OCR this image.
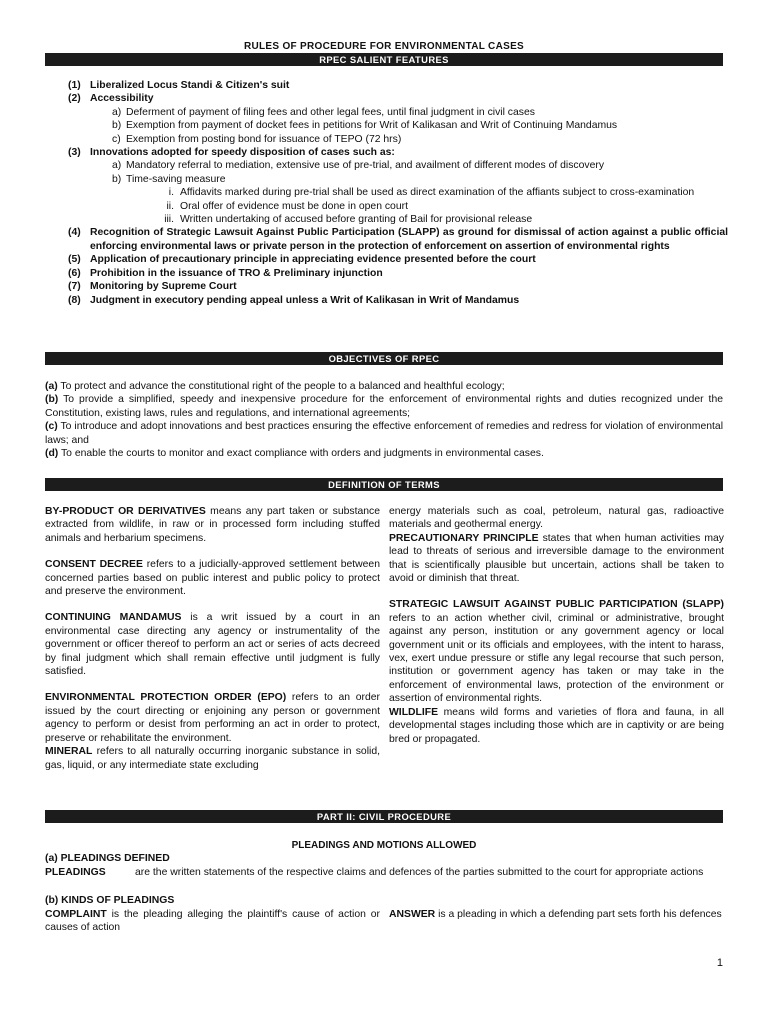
RULES OF PROCEDURE FOR ENVIRONMENTAL CASES
RPEC SALIENT FEATURES
(1) Liberalized Locus Standi & Citizen's suit
(2) Accessibility
a) Deferment of payment of filing fees and other legal fees, until final judgment in civil cases
b) Exemption from payment of docket fees in petitions for Writ of Kalikasan and Writ of Continuing Mandamus
c) Exemption from posting bond for issuance of TEPO (72 hrs)
(3) Innovations adopted for speedy disposition of cases such as:
a) Mandatory referral to mediation, extensive use of pre-trial, and availment of different modes of discovery
b) Time-saving measure
i. Affidavits marked during pre-trial shall be used as direct examination of the affiants subject to cross-examination
ii. Oral offer of evidence must be done in open court
iii. Written undertaking of accused before granting of Bail for provisional release
(4) Recognition of Strategic Lawsuit Against Public Participation (SLAPP) as ground for dismissal of action against a public official enforcing environmental laws or private person in the protection of enforcement on assertion of environmental rights
(5) Application of precautionary principle in appreciating evidence presented before the court
(6) Prohibition in the issuance of TRO & Preliminary injunction
(7) Monitoring by Supreme Court
(8) Judgment in executory pending appeal unless a Writ of Kalikasan in Writ of Mandamus
OBJECTIVES OF RPEC

(a) To protect and advance the constitutional right of the people to a balanced and healthful ecology;

(b) To provide a simplified, speedy and inexpensive procedure for the enforcement of environmental rights and duties recognized under the Constitution, existing laws, rules and regulations, and international agreements;

(c) To introduce and adopt innovations and best practices ensuring the effective enforcement of remedies and redress for violation of environmental laws; and

(d) To enable the courts to monitor and exact compliance with orders and judgments in environmental cases.

DEFINITION OF TERMS

BY-PRODUCT OR DERIVATIVES means any part taken or substance extracted from wildlife, in raw or in processed form including stuffed animals and herbarium specimens.

CONSENT DECREE refers to a judicially-approved settlement between concerned parties based on public interest and public policy to protect and preserve the environment.

CONTINUING MANDAMUS is a writ issued by a court in an environmental case directing any agency or instrumentality of the government or officer thereof to perform an act or series of acts decreed by final judgment which shall remain effective until judgment is fully satisfied.

ENVIRONMENTAL PROTECTION ORDER (EPO) refers to an order issued by the court directing or enjoining any person or government agency to perform or desist from performing an act in order to protect, preserve or rehabilitate the environment.

MINERAL refers to all naturally occurring inorganic substance in solid, gas, liquid, or any intermediate state excluding

energy materials such as coal, petroleum, natural gas, radioactive materials and geothermal energy.

PRECAUTIONARY PRINCIPLE states that when human activities may lead to threats of serious and irreversible damage to the environment that is scientifically plausible but uncertain, actions shall be taken to avoid or diminish that threat.

STRATEGIC LAWSUIT AGAINST PUBLIC PARTICIPATION (SLAPP) refers to an action whether civil, criminal or administrative, brought against any person, institution or any government agency or local government unit or its officials and employees, with the intent to harass, vex, exert undue pressure or stifle any legal recourse that such person, institution or government agency has taken or may take in the enforcement of environmental laws, protection of the environment or assertion of environmental rights.

WILDLIFE means wild forms and varieties of flora and fauna, in all developmental stages including those which are in captivity or are being bred or propagated.

PART II: CIVIL PROCEDURE
PLEADINGS AND MOTIONS ALLOWED
(a) PLEADINGS DEFINED
PLEADINGS	are the written statements of the respective claims and defences of the parties submitted to the court for appropriate actions
(b) KINDS OF PLEADINGS
COMPLAINT is the pleading alleging the plaintiff's cause of action or causes of action
ANSWER is a pleading in which a defending part sets forth his defences
1
